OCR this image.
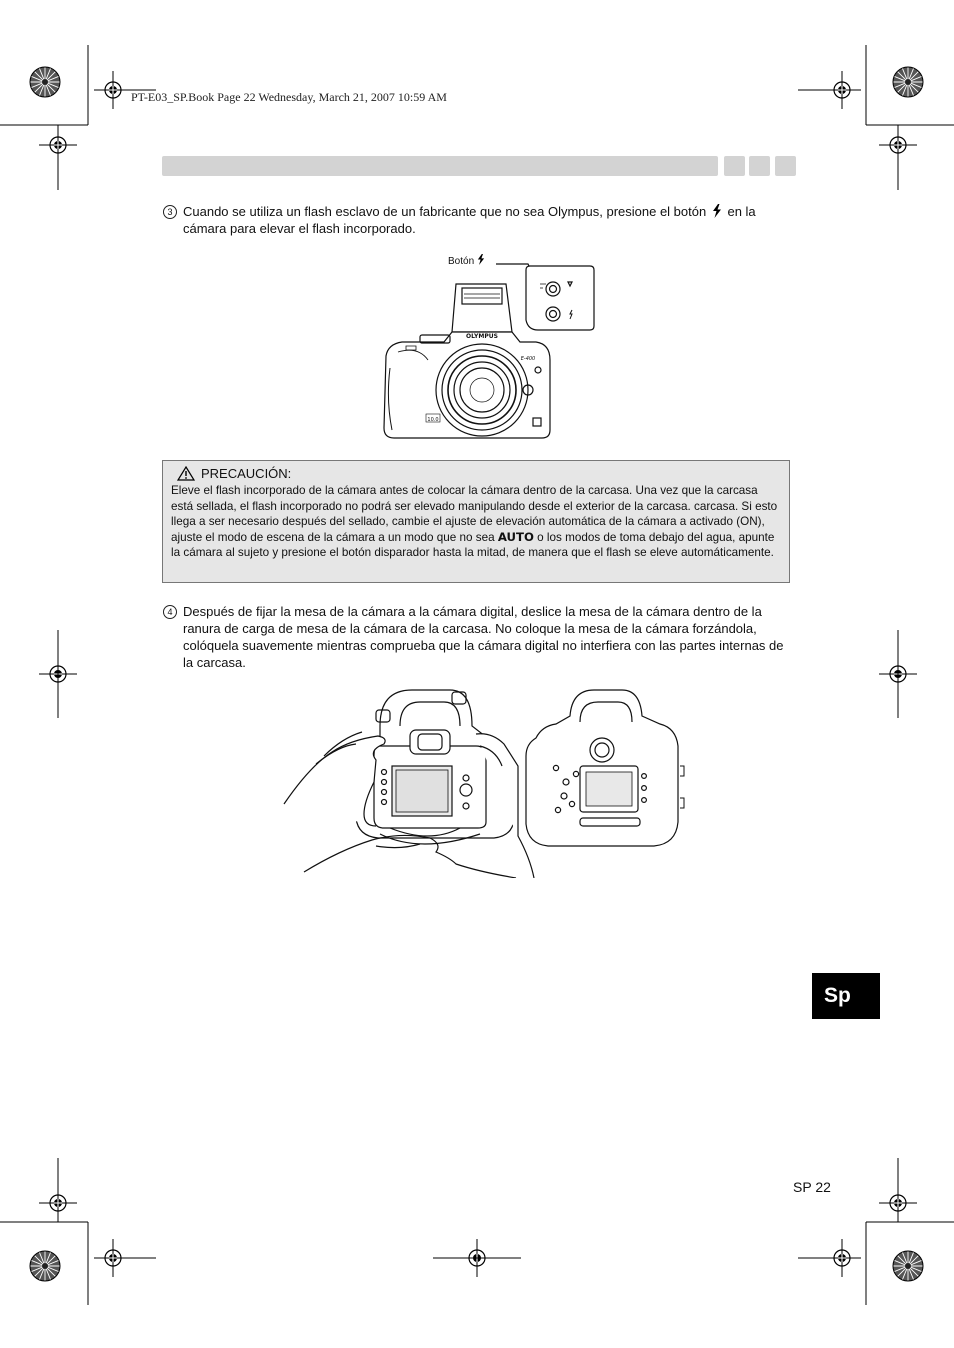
PT-E03_SP.Book Page 22 Wednesday, March 21, 2007 10:59 AM
3 Cuando se utiliza un flash esclavo de un fabricante que no sea Olympus, presione el botón en la cámara para elevar el flash incorporado.
Botón
OLYMPUS
E-400
10.0
PRECAUCIÓN:
Eleve el flash incorporado de la cámara antes de colocar la cámara dentro de la carcasa. Una vez que la carcasa está sellada, el flash incorporado no podrá ser elevado manipulando desde el exterior de la carcasa. carcasa. Si esto llega a ser necesario después del sellado, cambie el ajuste de elevación automática de la cámara a activado (ON), ajuste el modo de escena de la cámara a un modo que no sea AUTO o los modos de toma debajo del agua, apunte la cámara al sujeto y presione el botón disparador hasta la mitad, de manera que el flash se eleve automáticamente.
4 Después de fijar la mesa de la cámara a la cámara digital, deslice la mesa de la cámara dentro de la ranura de carga de mesa de la cámara de la carcasa. No coloque la mesa de la cámara forzándola, colóquela suavemente mientras comprueba que la cámara digital no interfiera con las partes internas de la carcasa.
Sp
SP 22
